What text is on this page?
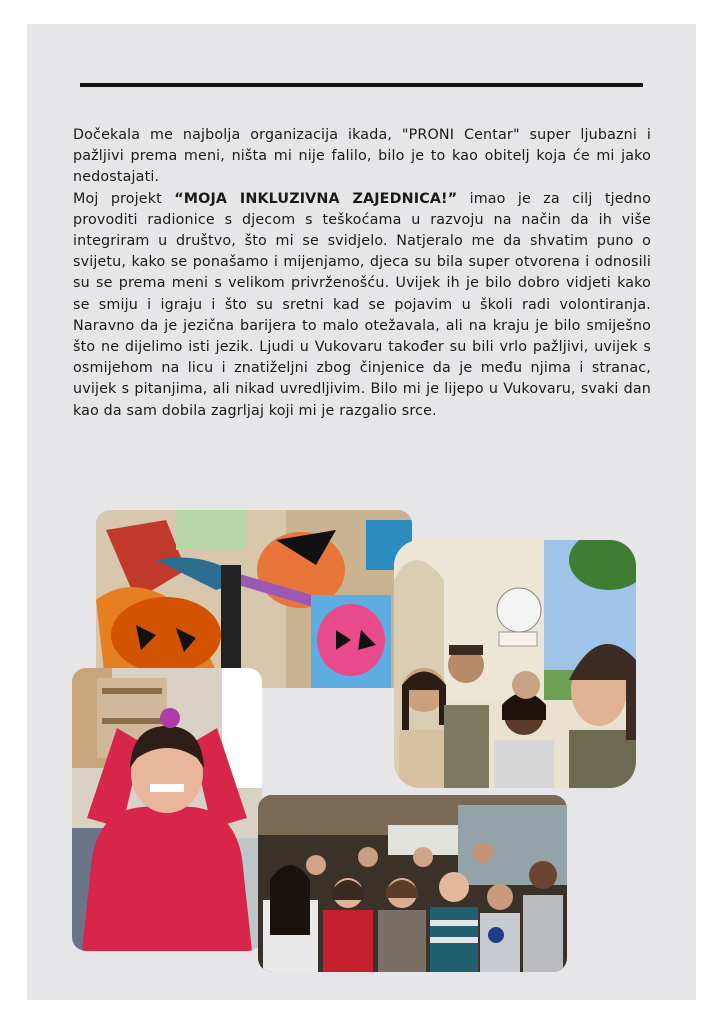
Dočekala me najbolja organizacija ikada, "PRONI Centar" super ljubazni i pažljivi prema meni, ništa mi nije falilo, bilo je to kao obitelj koja će mi jako nedostajati.

Moj projekt “MOJA INKLUZIVNA ZAJEDNICA!” imao je za cilj tjedno provoditi radionice s djecom s teškoćama u razvoju na način da ih više integriram u društvo, što mi se svidjelo. Natjeralo me da shvatim puno o svijetu, kako se ponašamo i mijenjamo, djeca su bila super otvorena i odnosili su se prema meni s velikom privrženošću. Uvijek ih je bilo dobro vidjeti kako se smiju i igraju i što su sretni kad se pojavim u školi radi volontiranja. Naravno da je jezična barijera to malo otežavala, ali na kraju je bilo smiješno što ne dijelimo isti jezik. Ljudi u Vukovaru također su bili vrlo pažljivi, uvijek s osmijehom na licu i znatiželjni zbog činjenice da je među njima i stranac, uvijek s pitanjima, ali nikad uvredljivim. Bilo mi je lijepo u Vukovaru, svaki dan kao da sam dobila zagrljaj koji mi je razgalio srce.
